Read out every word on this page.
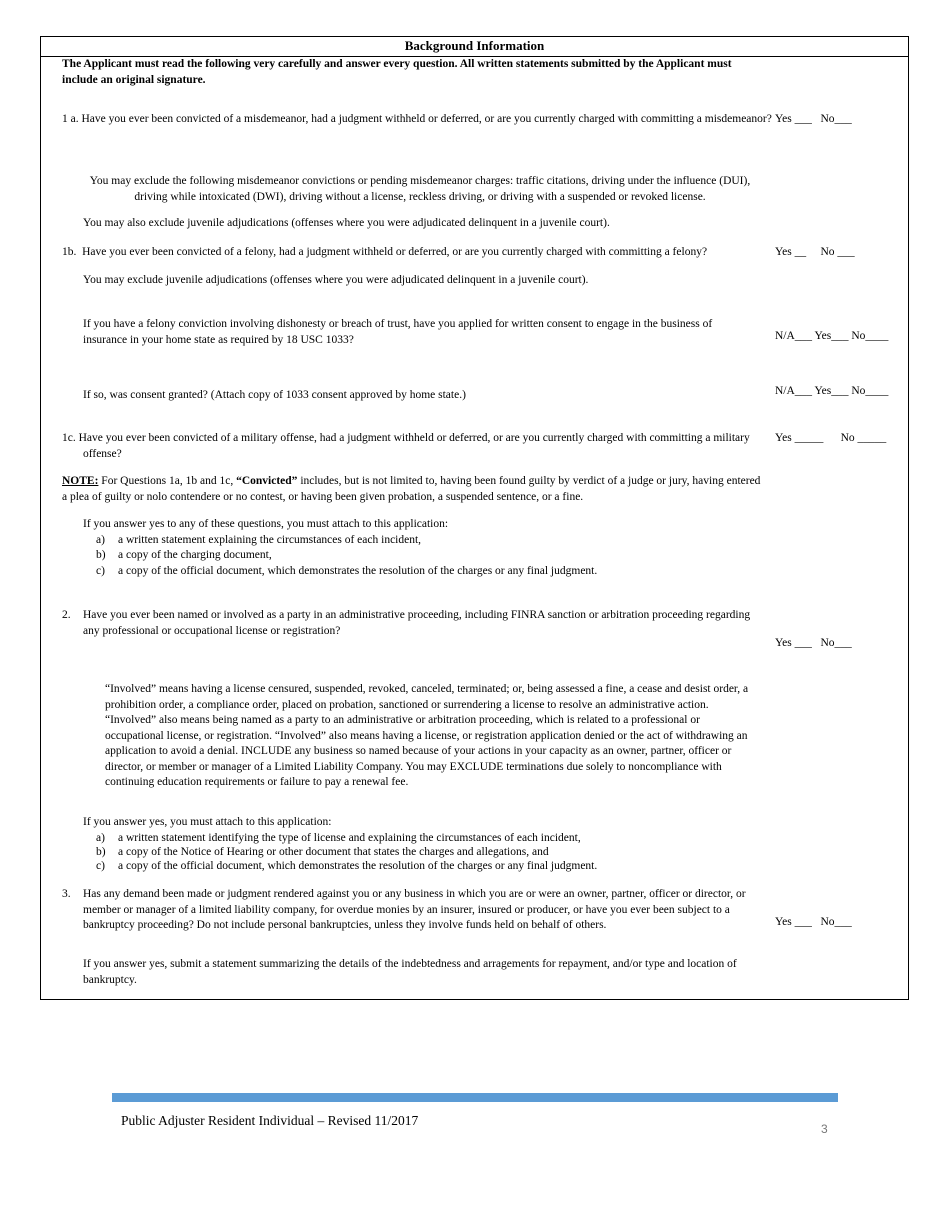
Background Information
The Applicant must read the following very carefully and answer every question. All written statements submitted by the Applicant must include an original signature.
1 a. Have you ever been convicted of a misdemeanor, had a judgment withheld or deferred, or are you currently charged with committing a misdemeanor? Yes ___   No___
You may exclude the following misdemeanor convictions or pending misdemeanor charges: traffic citations, driving under the influence (DUI), driving while intoxicated (DWI), driving without a license, reckless driving, or driving with a suspended or revoked license.
You may also exclude juvenile adjudications (offenses where you were adjudicated delinquent in a juvenile court).
1b. Have you ever been convicted of a felony, had a judgment withheld or deferred, or are you currently charged with committing a felony?	Yes __     No ___
You may exclude juvenile adjudications (offenses where you were adjudicated delinquent in a juvenile court).
If you have a felony conviction involving dishonesty or breach of trust, have you applied for written consent to engage in the business of insurance in your home state as required by 18 USC 1033?	N/A___ Yes___ No____
If so, was consent granted? (Attach copy of 1033 consent approved by home state.)	N/A___ Yes___ No____
1c. Have you ever been convicted of a military offense, had a judgment withheld or deferred, or are you currently charged with committing a military offense?
Yes _____      No _____
NOTE: For Questions 1a, 1b and 1c, “Convicted” includes, but is not limited to, having been found guilty by verdict of a judge or jury, having entered a plea of guilty or nolo contendere or no contest, or having been given probation, a suspended sentence, or a fine.
If you answer yes to any of these questions, you must attach to this application:
a) a written statement explaining the circumstances of each incident,
b) a copy of the charging document,
c) a copy of the official document, which demonstrates the resolution of the charges or any final judgment.
2. Have you ever been named or involved as a party in an administrative proceeding, including FINRA sanction or arbitration proceeding regarding any professional or occupational license or registration?
Yes ___   No___
“Involved” means having a license censured, suspended, revoked, canceled, terminated; or, being assessed a fine, a cease and desist order, a prohibition order, a compliance order, placed on probation, sanctioned or surrendering a license to resolve an administrative action. “Involved” also means being named as a party to an administrative or arbitration proceeding, which is related to a professional or occupational license, or registration. “Involved” also means having a license, or registration application denied or the act of withdrawing an application to avoid a denial. INCLUDE any business so named because of your actions in your capacity as an owner, partner, officer or director, or member or manager of a Limited Liability Company. You may EXCLUDE terminations due solely to noncompliance with continuing education requirements or failure to pay a renewal fee.
If you answer yes, you must attach to this application:
a) a written statement identifying the type of license and explaining the circumstances of each incident,
b) a copy of the Notice of Hearing or other document that states the charges and allegations, and
c) a copy of the official document, which demonstrates the resolution of the charges or any final judgment.
3. Has any demand been made or judgment rendered against you or any business in which you are or were an owner, partner, officer or director, or member or manager of a limited liability company, for overdue monies by an insurer, insured or producer, or have you ever been subject to a bankruptcy proceeding? Do not include personal bankruptcies, unless they involve funds held on behalf of others.	Yes ___   No___
If you answer yes, submit a statement summarizing the details of the indebtedness and arragements for repayment, and/or type and location of bankruptcy.
Public Adjuster Resident Individual – Revised 11/2017
3
